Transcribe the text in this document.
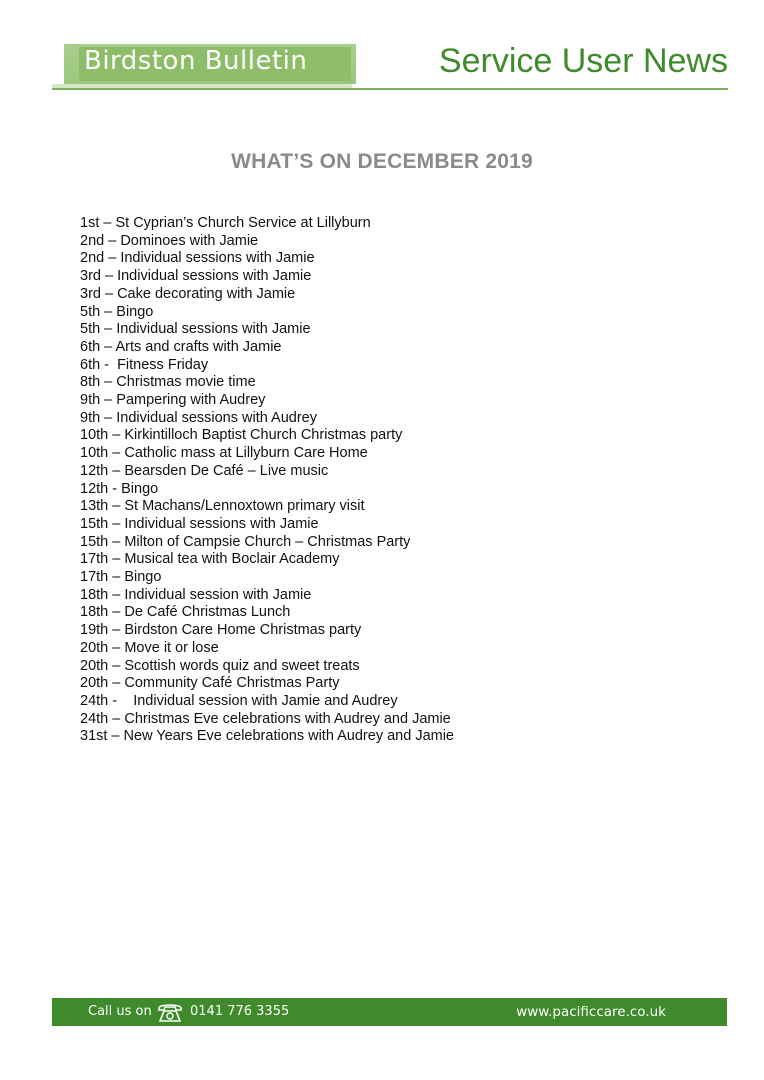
Birdston Bulletin	Service User News
WHAT’S ON DECEMBER 2019
1st – St Cyprian’s Church Service at Lillyburn
2nd – Dominoes with Jamie
2nd – Individual sessions with Jamie
3rd – Individual sessions with Jamie
3rd – Cake decorating with Jamie
5th – Bingo
5th – Individual sessions with Jamie
6th – Arts and crafts with Jamie
6th -  Fitness Friday
8th – Christmas movie time
9th – Pampering with Audrey
9th – Individual sessions with Audrey
10th – Kirkintilloch Baptist Church Christmas party
10th – Catholic mass at Lillyburn Care Home
12th – Bearsden De Café – Live music
12th - Bingo
13th – St Machans/Lennoxtown primary visit
15th – Individual sessions with Jamie
15th – Milton of Campsie Church – Christmas Party
17th – Musical tea with Boclair Academy
17th – Bingo
18th – Individual session with Jamie
18th – De Café Christmas Lunch
19th – Birdston Care Home Christmas party
20th – Move it or lose
20th – Scottish words quiz and sweet treats
20th – Community Café Christmas Party
24th -    Individual session with Jamie and Audrey
24th – Christmas Eve celebrations with Audrey and Jamie
31st – New Years Eve celebrations with Audrey and Jamie
Call us on	0141 776 3355	www.pacificcare.co.uk
